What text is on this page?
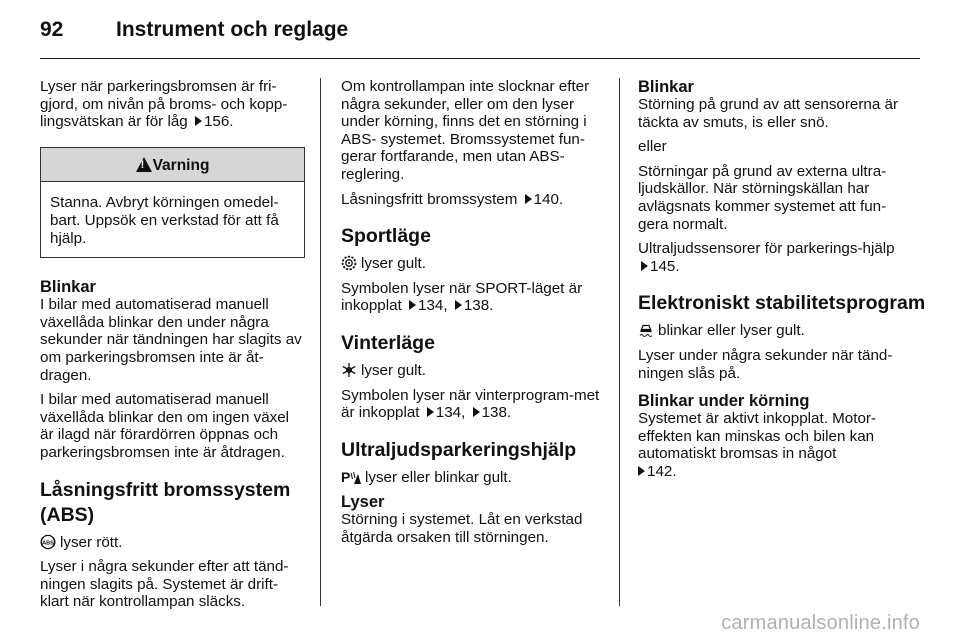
92	Instrument och reglage

Lyser när parkeringsbromsen är fri-gjord, om nivån på broms- och kopp-lingsvätskan är för låg 156.

!Varning
Stanna. Avbryt körningen omedel-bart. Uppsök en verkstad för att få hjälp.
Blinkar

I bilar med automatiserad manuell växellåda blinkar den under några sekunder när tändningen har slagits av om parkeringsbromsen inte är åt-dragen.

I bilar med automatiserad manuell växellåda blinkar den om ingen växel är ilagd när förardörren öppnas och parkeringsbromsen inte är åtdragen.

Låsningsfritt bromssystem (ABS)

ABS lyser rött.

Lyser i några sekunder efter att tänd-ningen slagits på. Systemet är drift-klart när kontrollampan släcks.

Om kontrollampan inte slocknar efter några sekunder, eller om den lyser under körning, finns det en störning i ABS- systemet. Bromssystemet fun-gerar fortfarande, men utan ABS- reglering.

Låsningsfritt bromssystem 140.

Sportläge

lyser gult.

Symbolen lyser när SPORT-läget är inkopplat 134, 138.

Vinterläge

lyser gult.

Symbolen lyser när vinterprogram-met är inkopplat 134, 138.

Ultraljudsparkeringshjälp

P lyser eller blinkar gult.

Lyser

Störning i systemet. Låt en verkstad åtgärda orsaken till störningen.

Blinkar

Störning på grund av att sensorerna är täckta av smuts, is eller snö.

eller

Störningar på grund av externa ultra-ljudskällor. När störningskällan har avlägsnats kommer systemet att fun-gera normalt.

Ultraljudssensorer för parkerings-hjälp 145.

Elektroniskt stabilitetsprogram

blinkar eller lyser gult.

Lyser under några sekunder när tänd-ningen slås på.

Blinkar under körning

Systemet är aktivt inkopplat. Motor-effekten kan minskas och bilen kan automatiskt bromsas in något
142.

carmanualsonline.info
